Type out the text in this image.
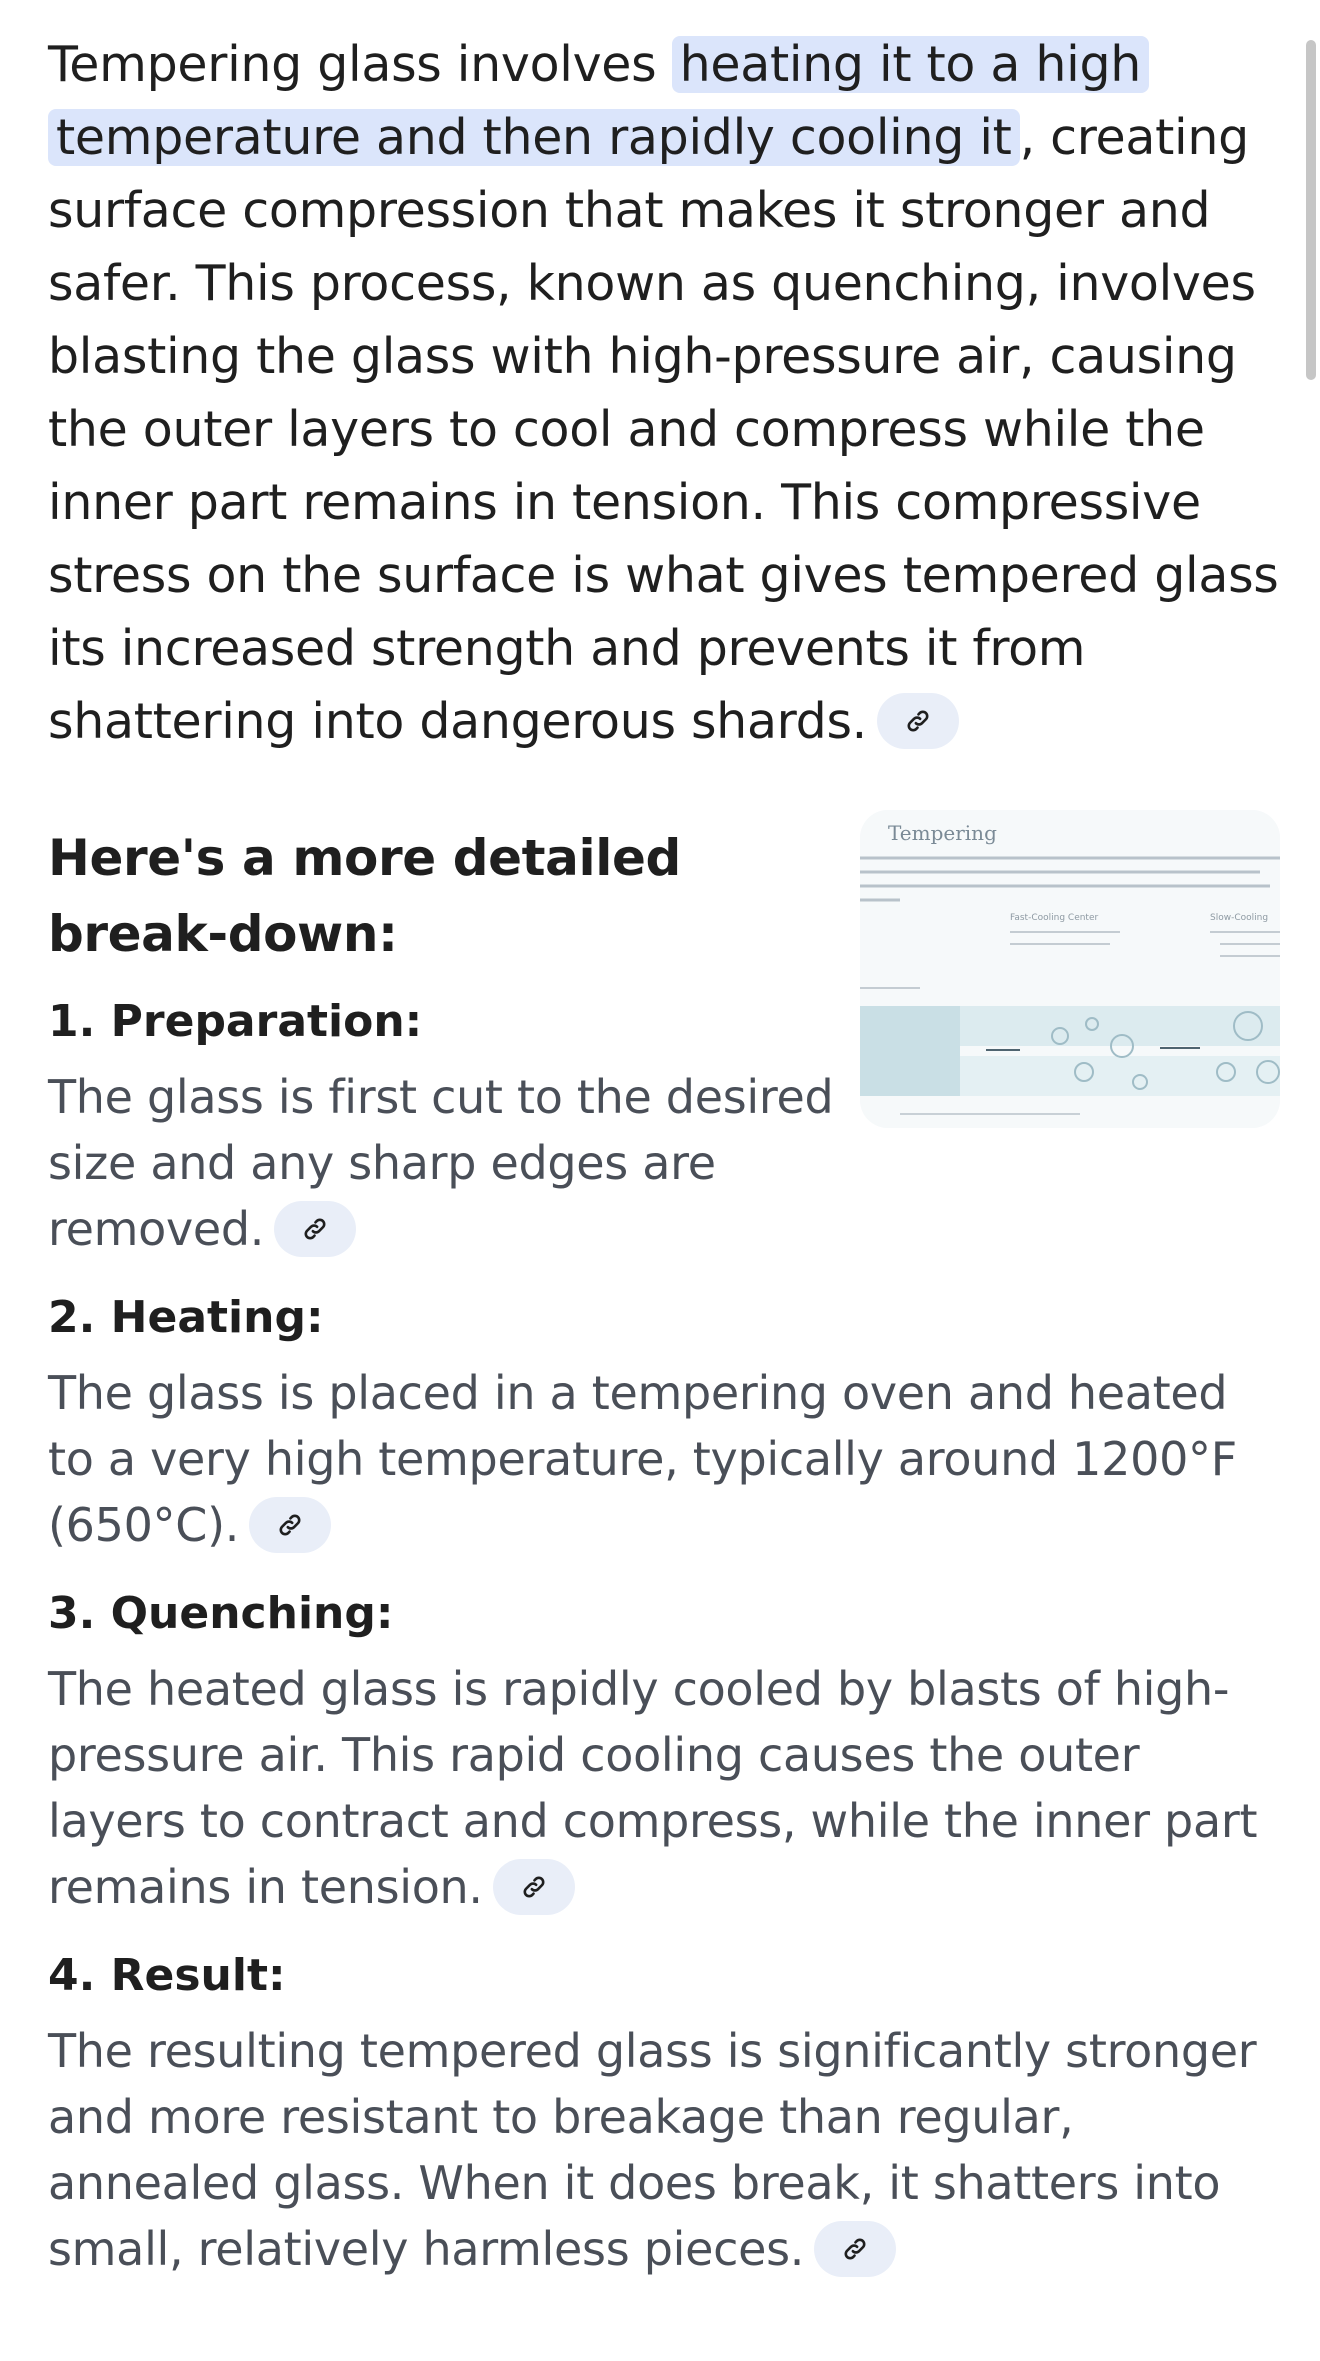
Tempering glass involves heating it to a high temperature and then rapidly cooling it , creating surface compression that makes it stronger and safer. This process, known as quenching, involves blasting the glass with high-pressure air, causing the outer layers to cool and compress while the inner part remains in tension. This compressive stress on the surface is what gives tempered glass its increased strength and prevents it from shattering into dangerous shards.

Tempering
Fast-Cooling Center	Slow-Cooling
Here's a more detailed break-down:
1. Preparation:

The glass is first cut to the desired size and any sharp edges are removed.

2. Heating:

The glass is placed in a tempering oven and heated to a very high temperature, typically around 1200°F (650°C).

3. Quenching:

The heated glass is rapidly cooled by blasts of high-pressure air. This rapid cooling causes the outer layers to contract and compress, while the inner part remains in tension.

4. Result:

The resulting tempered glass is significantly stronger and more resistant to breakage than regular, annealed glass. When it does break, it shatters into small, relatively harmless pieces.
